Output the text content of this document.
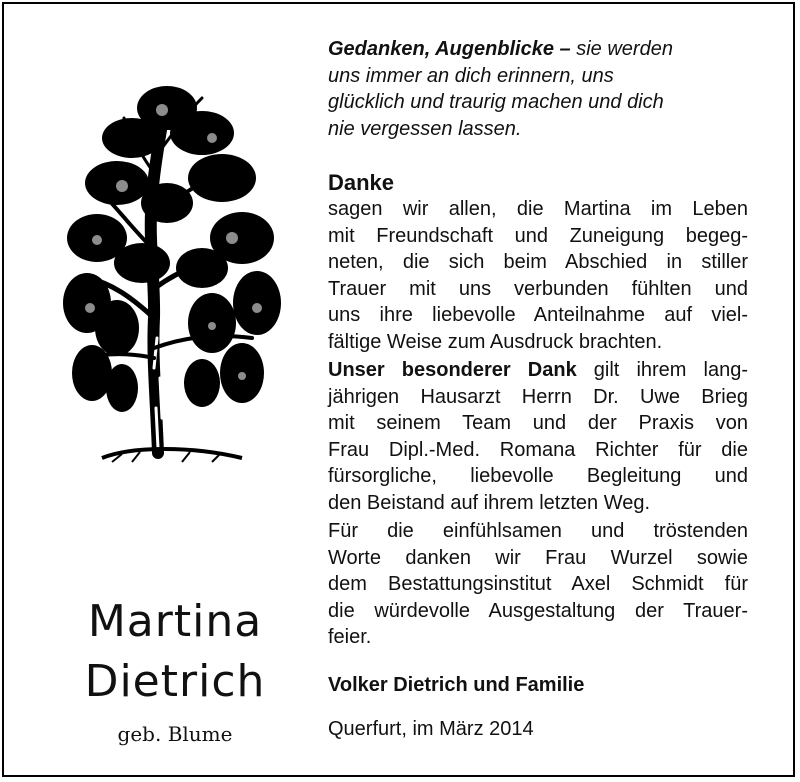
Martina
Dietrich
geb. Blume
Gedanken, Augenblicke – sie werden
uns immer an dich erinnern, uns
glücklich und traurig machen und dich
nie vergessen lassen.
Danke
sagen wir allen, die Martina im Leben
mit Freundschaft und Zuneigung begeg-
neten, die sich beim Abschied in stiller
Trauer mit uns verbunden fühlten und
uns ihre liebevolle Anteilnahme auf viel-
fältige Weise zum Ausdruck brachten.
Unser besonderer Dank gilt ihrem lang-
jährigen Hausarzt Herrn Dr. Uwe Brieg
mit seinem Team und der Praxis von
Frau Dipl.-Med. Romana Richter für die
fürsorgliche, liebevolle Begleitung und
den Beistand auf ihrem letzten Weg.
Für die einfühlsamen und tröstenden
Worte danken wir Frau Wurzel sowie
dem Bestattungsinstitut Axel Schmidt für
die würdevolle Ausgestaltung der Trauer-
feier.
Volker Dietrich und Familie
Querfurt, im März 2014
